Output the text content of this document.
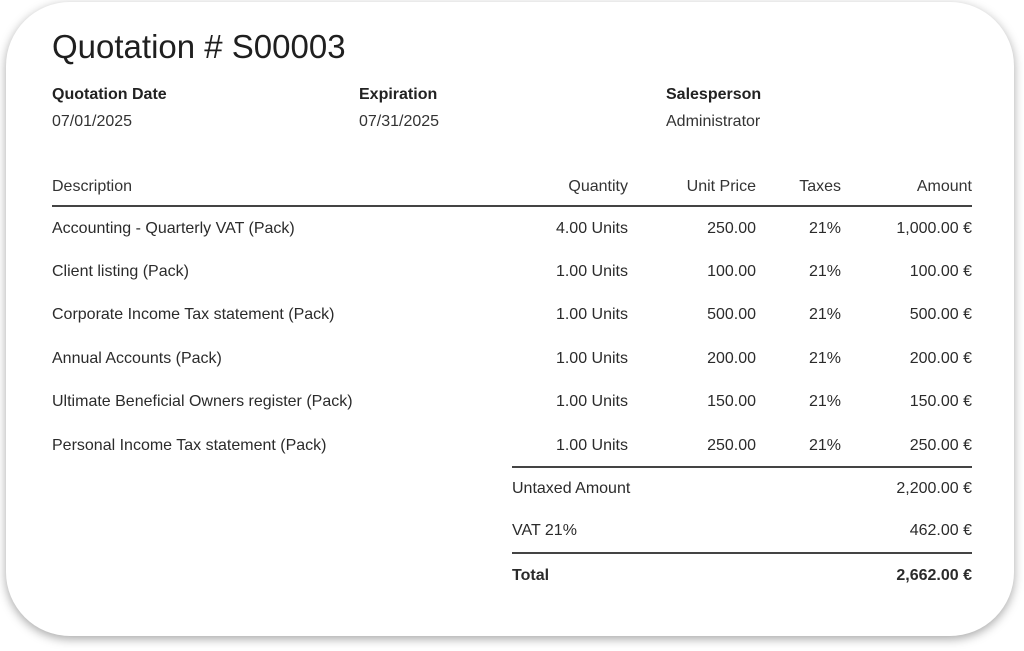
Quotation # S00003
Quotation Date
07/01/2025
Expiration
07/31/2025
Salesperson
Administrator
Description	Quantity	Unit Price	Taxes	Amount
Accounting - Quarterly VAT (Pack)	4.00 Units	250.00	21%	1,000.00 €
Client listing (Pack)	1.00 Units	100.00	21%	100.00 €
Corporate Income Tax statement (Pack)	1.00 Units	500.00	21%	500.00 €
Annual Accounts (Pack)	1.00 Units	200.00	21%	200.00 €
Ultimate Beneficial Owners register (Pack)	1.00 Units	150.00	21%	150.00 €
Personal Income Tax statement (Pack)	1.00 Units	250.00	21%	250.00 €
Untaxed Amount	2,200.00 €
VAT 21%	462.00 €
Total	2,662.00 €
